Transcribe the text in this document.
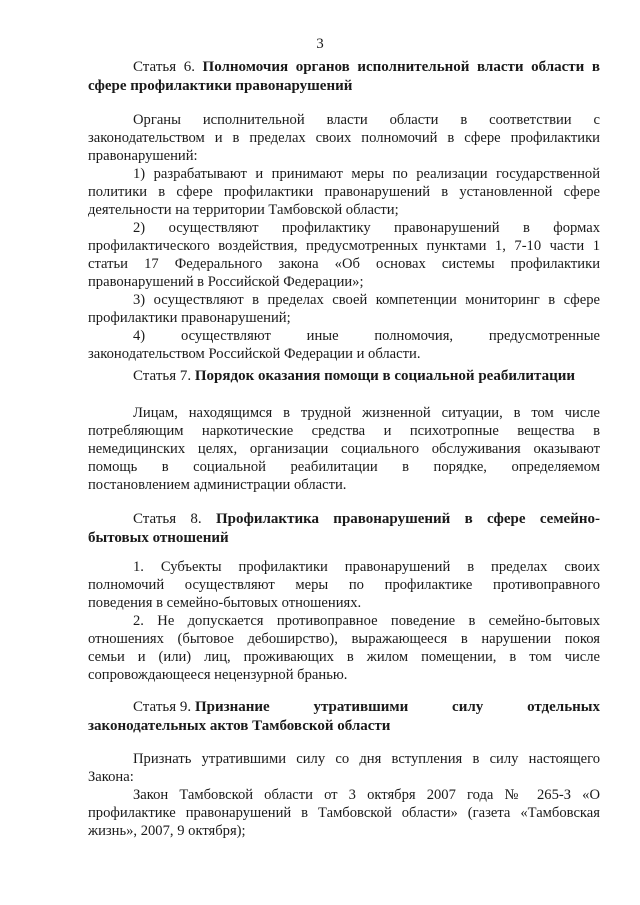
3
Статья 6. Полномочия органов исполнительной власти области в
сфере профилактики правонарушений
Органы исполнительной власти области в соответствии с
законодательством и в пределах своих полномочий в сфере профилактики
правонарушений:
1) разрабатывают и принимают меры по реализации государственной
политики в сфере профилактики правонарушений в установленной сфере
деятельности на территории Тамбовской области;
2) осуществляют профилактику правонарушений в формах
профилактического воздействия, предусмотренных пунктами 1, 7-10 части 1
статьи 17 Федерального закона «Об основах системы профилактики
правонарушений в Российской Федерации»;
3) осуществляют в пределах своей компетенции мониторинг в сфере
профилактики правонарушений;
4) осуществляют иные полномочия, предусмотренные
законодательством Российской Федерации и области.
Статья 7. Порядок оказания помощи в социальной реабилитации
Лицам, находящимся в трудной жизненной ситуации, в том числе
потребляющим наркотические средства и психотропные вещества в
немедицинских целях, организации социального обслуживания оказывают
помощь в социальной реабилитации в порядке, определяемом
постановлением администрации области.
Статья 8. Профилактика правонарушений в сфере семейно-
бытовых отношений
1. Субъекты профилактики правонарушений в пределах своих
полномочий осуществляют меры по профилактике противоправного
поведения в семейно-бытовых отношениях.
2. Не допускается противоправное поведение в семейно-бытовых
отношениях (бытовое дебоширство), выражающееся в нарушении покоя
семьи и (или) лиц, проживающих в жилом помещении, в том числе
сопровождающееся нецензурной бранью.
Статья 9. Признание утратившими силу отдельных
законодательных актов Тамбовской области
Признать утратившими силу со дня вступления в силу настоящего
Закона:
Закон Тамбовской области от 3 октября 2007 года № 265-З «О
профилактике правонарушений в Тамбовской области» (газета «Тамбовская
жизнь», 2007, 9 октября);
